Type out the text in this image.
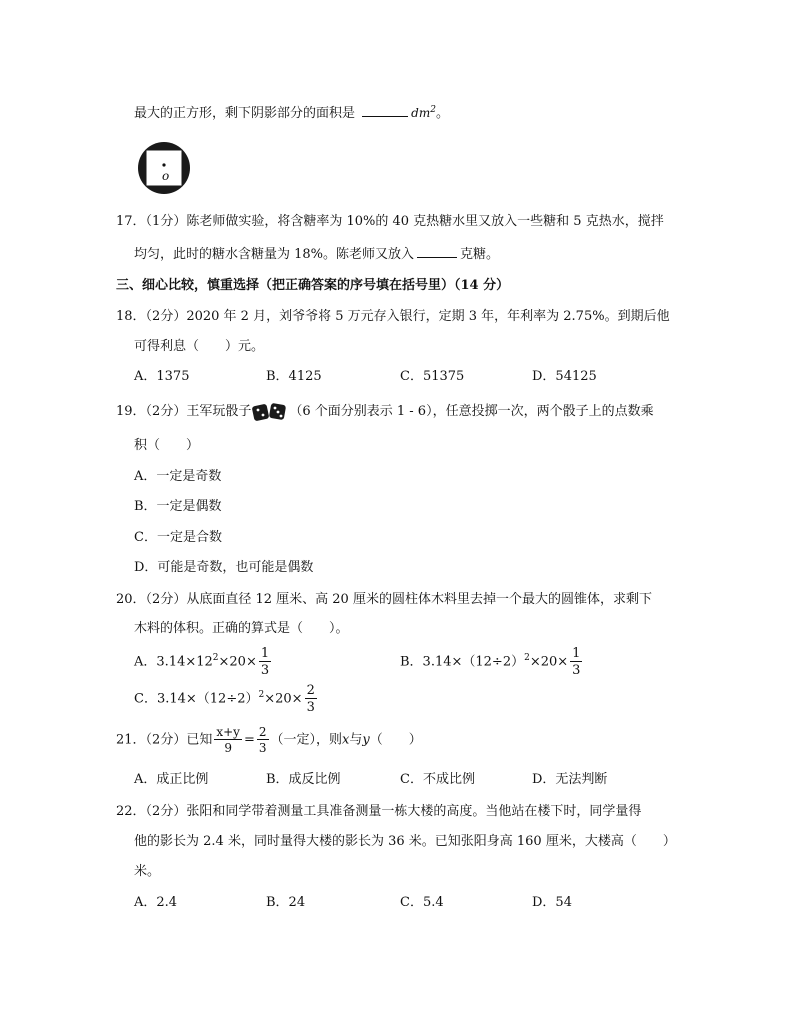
最大的正方形，剩下阴影部分的面积是	$dm^2$。
o
17．（1分）陈老师做实验，将含糖率为 10%的 40 克热糖水里又放入一些糖和 5 克热水，搅拌
均匀，此时的糖水含糖量为 18%。陈老师又放入	克糖。
三、细心比较，慎重选择（把正确答案的序号填在括号里）（14 分）
18．（2分）2020 年 2 月，刘爷爷将 5 万元存入银行，定期 3 年，年利率为 2.75%。到期后他
可得利息（　　）元。
A．1375	B．4125	C．51375	D．54125
19．（2分）王军玩骰子	（6 个面分别表示 1 - 6），任意投掷一次，两个骰子上的点数乘
积（　　）
A．一定是奇数
B．一定是偶数
C．一定是合数
D．可能是奇数，也可能是偶数
20．（2分）从底面直径 12 厘米、高 20 厘米的圆柱体木料里去掉一个最大的圆锥体，求剩下
木料的体积。正确的算式是（　　）。
A．$3.14\times 12^2\times 20\times \frac{1}{3}$	B．$3.14\times(12\div 2)^2\times 20\times \frac{1}{3}$
C．$3.14\times(12\div 2)^2\times 20\times \frac{2}{3}$
21．（2分）已知 $\frac{x+y}{9} = \frac{2}{3}$ （一定），则x与y（　　）
A．成正比例	B．成反比例	C．不成比例	D．无法判断
22．（2分）张阳和同学带着测量工具准备测量一栋大楼的高度。当他站在楼下时，同学量得
他的影长为 2.4 米，同时量得大楼的影长为 36 米。已知张阳身高 160 厘米，大楼高（　　）
米。
A．2.4	B．24	C．5.4	D．54
